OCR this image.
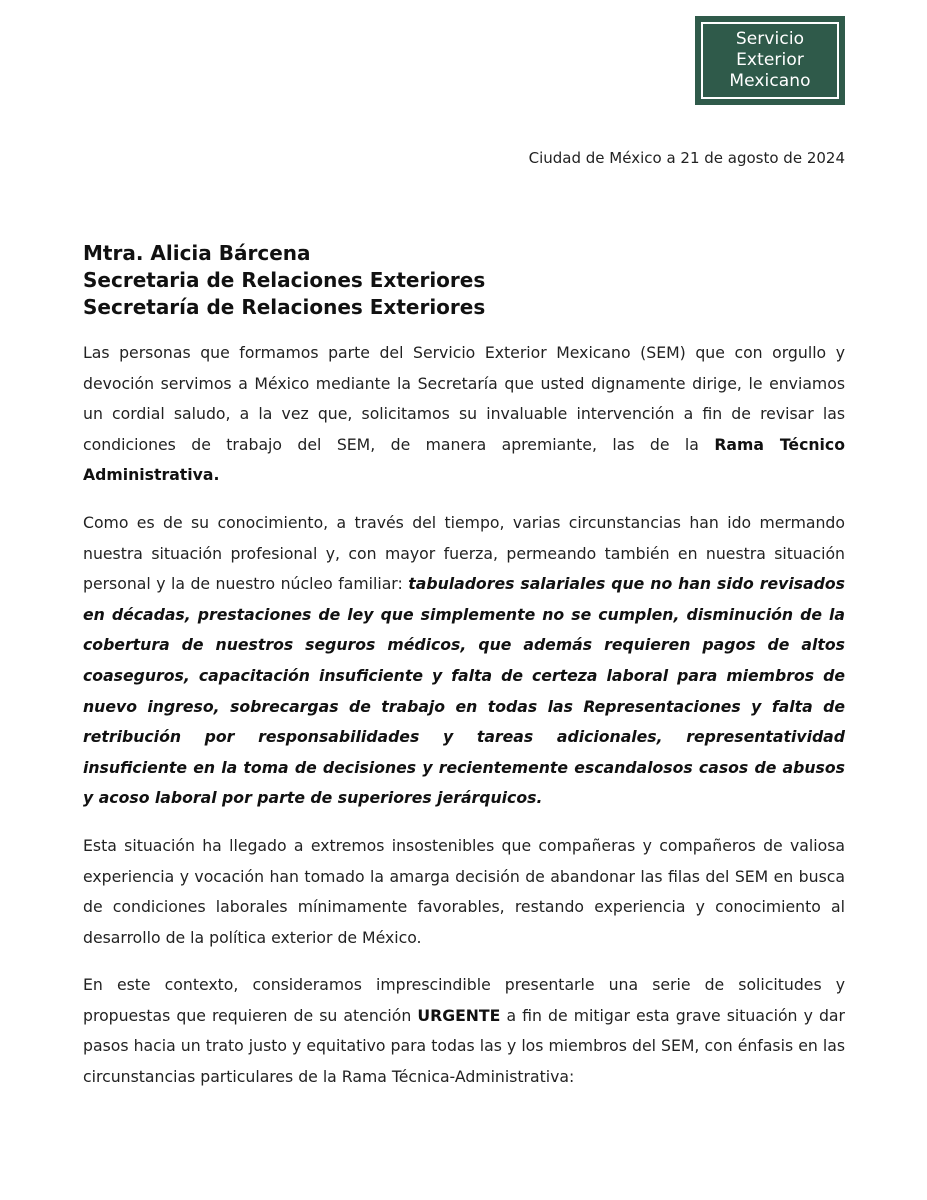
Servicio
Exterior
Mexicano
Ciudad de México a 21 de agosto de 2024
Mtra. Alicia Bárcena
Secretaria de Relaciones Exteriores
Secretaría de Relaciones Exteriores

Las personas que formamos parte del Servicio Exterior Mexicano (SEM) que con orgullo y devoción servimos a México mediante la Secretaría que usted dignamente dirige, le enviamos un cordial saludo, a la vez que, solicitamos su invaluable intervención a fin de revisar las condiciones de trabajo del SEM, de manera apremiante, las de la Rama Técnico Administrativa.

Como es de su conocimiento, a través del tiempo, varias circunstancias han ido mermando nuestra situación profesional y, con mayor fuerza, permeando también en nuestra situación personal y la de nuestro núcleo familiar: tabuladores salariales que no han sido revisados en décadas, prestaciones de ley que simplemente no se cumplen, disminución de la cobertura de nuestros seguros médicos, que además requieren pagos de altos coaseguros, capacitación insuficiente y falta de certeza laboral para miembros de nuevo ingreso, sobrecargas de trabajo en todas las Representaciones y falta de retribución por responsabilidades y tareas adicionales, representatividad insuficiente en la toma de decisiones y recientemente escandalosos casos de abusos y acoso laboral por parte de superiores jerárquicos.

Esta situación ha llegado a extremos insostenibles que compañeras y compañeros de valiosa experiencia y vocación han tomado la amarga decisión de abandonar las filas del SEM en busca de condiciones laborales mínimamente favorables, restando experiencia y conocimiento al desarrollo de la política exterior de México.

En este contexto, consideramos imprescindible presentarle una serie de solicitudes y propuestas que requieren de su atención URGENTE a fin de mitigar esta grave situación y dar pasos hacia un trato justo y equitativo para todas las y los miembros del SEM, con énfasis en las circunstancias particulares de la Rama Técnica-Administrativa:
